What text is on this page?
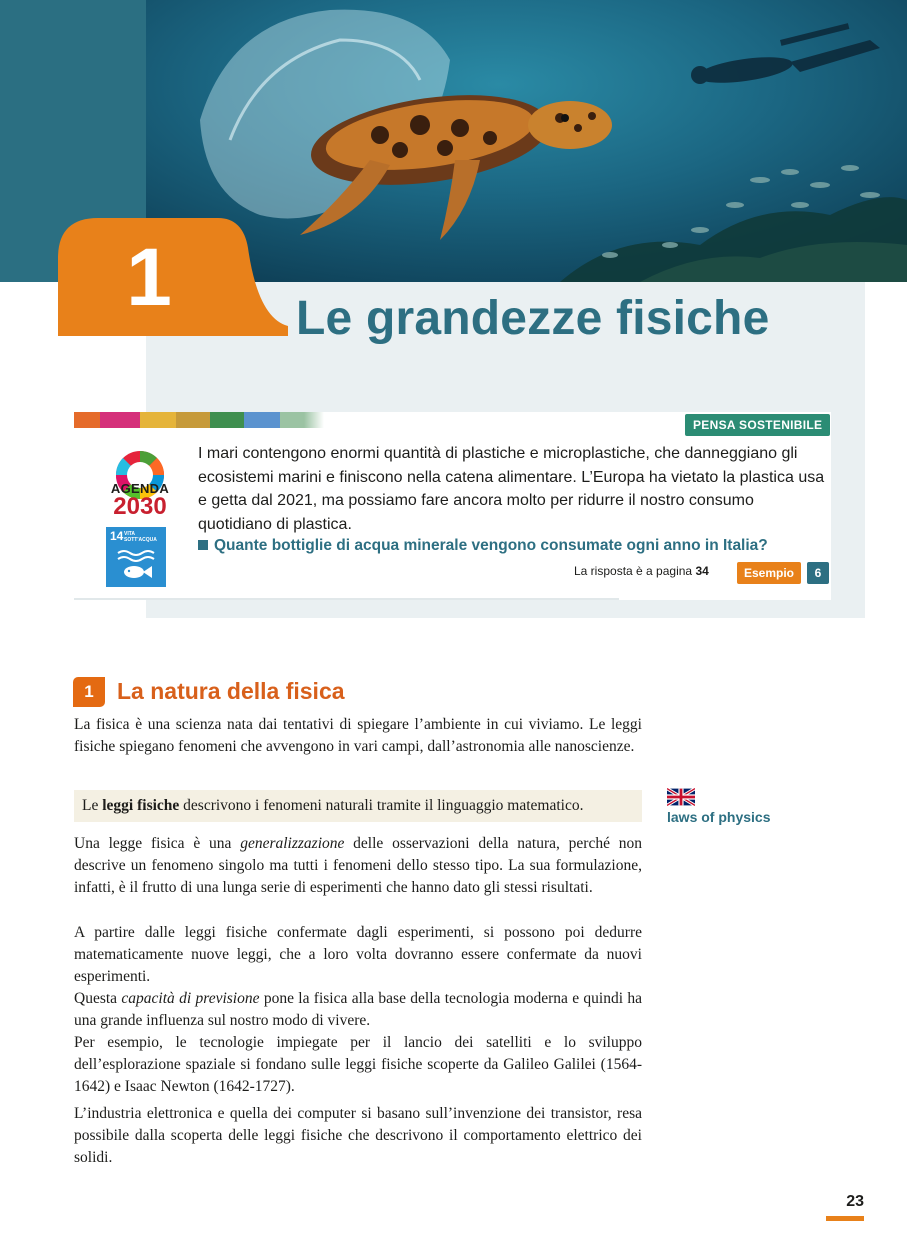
1	Le grandezze fisiche
PENSA SOSTENIBILE
AGENDA
2030
14 VITA SOTT'ACQUA

I mari contengono enormi quantità di plastiche e microplastiche, che danneggiano gli ecosistemi marini e finiscono nella catena alimentare. L’Europa ha vietato la plastica usa e getta dal 2021, ma possiamo fare ancora molto per ridurre il nostro consumo quotidiano di plastica.

Quante bottiglie di acqua minerale vengono consumate ogni anno in Italia?

La risposta è a pagina 34	Esempio	6
1	La natura della fisica

La fisica è una scienza nata dai tentativi di spiegare l’ambiente in cui viviamo. Le leggi fisiche spiegano fenomeni che avvengono in vari campi, dall’astronomia alle nanoscienze.

Le leggi fisiche descrivono i fenomeni naturali tramite il linguaggio matematico.

Una legge fisica è una generalizzazione delle osservazioni della natura, perché non descrive un fenomeno singolo ma tutti i fenomeni dello stesso tipo. La sua formulazione, infatti, è il frutto di una lunga serie di esperimenti che hanno dato gli stessi risultati.

A partire dalle leggi fisiche confermate dagli esperimenti, si possono poi dedurre matematicamente nuove leggi, che a loro volta dovranno essere confermate da nuovi esperimenti.

Questa capacità di previsione pone la fisica alla base della tecnologia moderna e quindi ha una grande influenza sul nostro modo di vivere.

Per esempio, le tecnologie impiegate per il lancio dei satelliti e lo sviluppo dell’esplorazione spaziale si fondano sulle leggi fisiche scoperte da Galileo Galilei (1564-1642) e Isaac Newton (1642-1727).

L’industria elettronica e quella dei computer si basano sull’invenzione dei transistor, resa possibile dalla scoperta delle leggi fisiche che descrivono il comportamento elettrico dei solidi.

laws of physics
23
